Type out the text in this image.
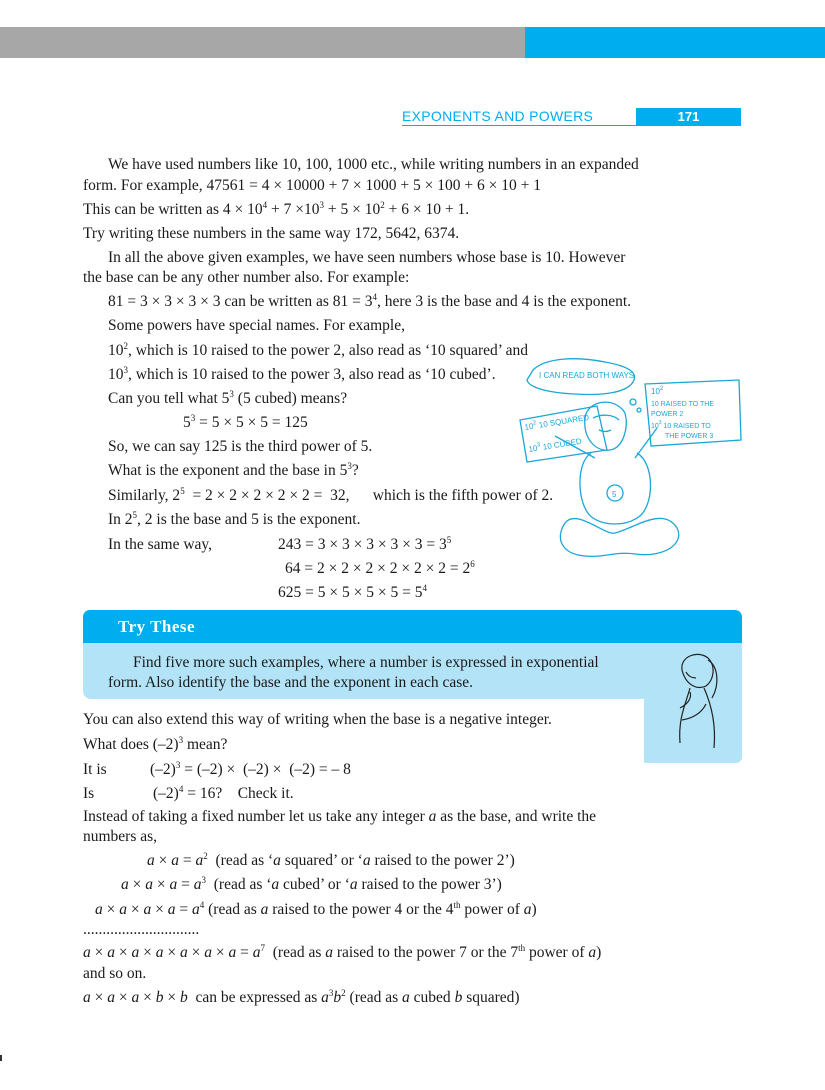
EXPONENTS AND POWERS	171
We have used numbers like 10, 100, 1000 etc., while writing numbers in an expanded
form. For example, 47561 = 4 × 10000 + 7 × 1000 + 5 × 100 + 6 × 10 + 1
This can be written as $4 \times 10^4 + 7 \times 10^3 + 5 \times 10^2 + 6 \times 10 + 1$.
Try writing these numbers in the same way 172, 5642, 6374.
In all the above given examples, we have seen numbers whose base is 10. However
the base can be any other number also. For example:
81 = 3 × 3 × 3 × 3 can be written as $81 = 3^4$, here 3 is the base and 4 is the exponent.
Some powers have special names. For example,
$10^2$, which is 10 raised to the power 2, also read as ‘10 squared’ and
$10^3$, which is 10 raised to the power 3, also read as ‘10 cubed’.
Can you tell what $5^3$ (5 cubed) means?
$5^3 = 5 \times 5 \times 5 = 125$
So, we can say 125 is the third power of 5.
What is the exponent and the base in $5^3$?
Similarly, $2^5 = 2 \times 2 \times 2 \times 2 \times 2 = 32$,      which is the fifth power of 2.
In $2^5$, 2 is the base and 5 is the exponent.
In the same way,	$243 = 3 \times 3 \times 3 \times 3 \times 3 = 3^5$
$64 = 2 \times 2 \times 2 \times 2 \times 2 \times 2 = 2^6$
$625 = 5 \times 5 \times 5 \times 5 = 5^4$
I CAN READ BOTH WAYS
$10^2$ 10 SQUARED
$10^3$ 10 CUBED
$10^2$
10 RAISED TO THE
POWER 2
$10^3$ 10 RAISED TO
THE POWER 3
5
Try These
Find five more such examples, where a number is expressed in exponential
form. Also identify the base and the exponent in each case.
You can also extend this way of writing when the base is a negative integer.
What does $(-2)^3$ mean?
It is	$(-2)^3 = (-2) \times (-2) \times (-2)$ = – 8
Is	$(-2)^4 = 16$?    Check it.
Instead of taking a fixed number let us take any integer a as the base, and write the
numbers as,
$a \times a = a^2$  (read as ‘a squared’ or ‘a raised to the power 2’)
$a \times a \times a = a^3$  (read as ‘a cubed’ or ‘a raised to the power 3’)
$a \times a \times a \times a = a^4$ (read as a raised to the power 4 or the 4th power of a)
..............................
$a \times a \times a \times a \times a \times a \times a = a^7$  (read as a raised to the power 7 or the 7th power of a)
and so on.
a × a × a × b × b  can be expressed as $a^3b^2$ (read as a cubed b squared)
